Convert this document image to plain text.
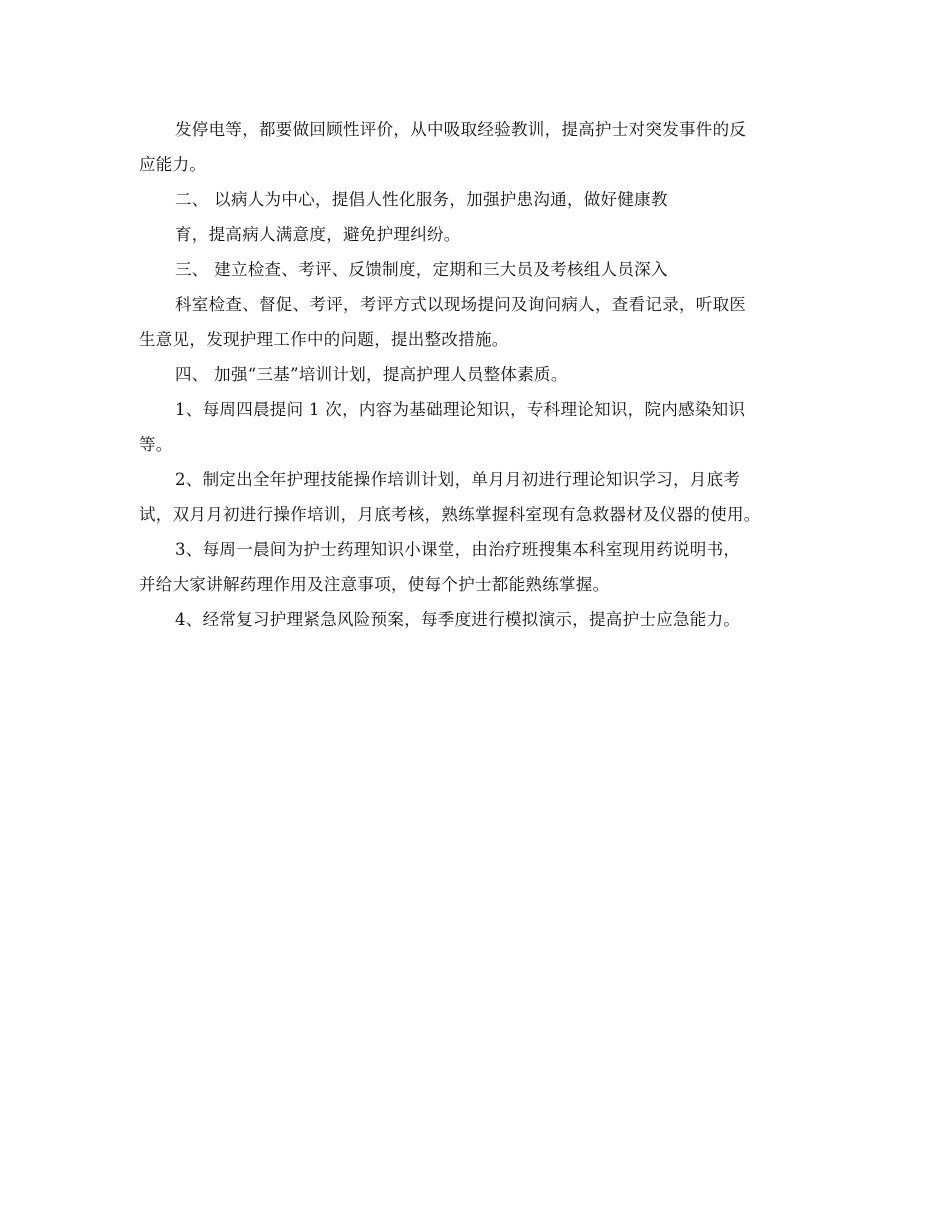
发停电等，都要做回顾性评价，从中吸取经验教训，提高护士对突发事件的反
应能力。

二、 以病人为中心，提倡人性化服务，加强护患沟通，做好健康教

育，提高病人满意度，避免护理纠纷。

三、 建立检查、考评、反馈制度，定期和三大员及考核组人员深入

科室检查、督促、考评，考评方式以现场提问及询问病人，查看记录，听取医
生意见，发现护理工作中的问题，提出整改措施。

四、 加强“三基”培训计划，提高护理人员整体素质。

1、每周四晨提问 1 次，内容为基础理论知识，专科理论知识，院内感染知识
等。

2、制定出全年护理技能操作培训计划，单月月初进行理论知识学习，月底考
试，双月月初进行操作培训，月底考核，熟练掌握科室现有急救器材及仪器的使用。

3、每周一晨间为护士药理知识小课堂，由治疗班搜集本科室现用药说明书，
并给大家讲解药理作用及注意事项，使每个护士都能熟练掌握。

4、经常复习护理紧急风险预案，每季度进行模拟演示，提高护士应急能力。
